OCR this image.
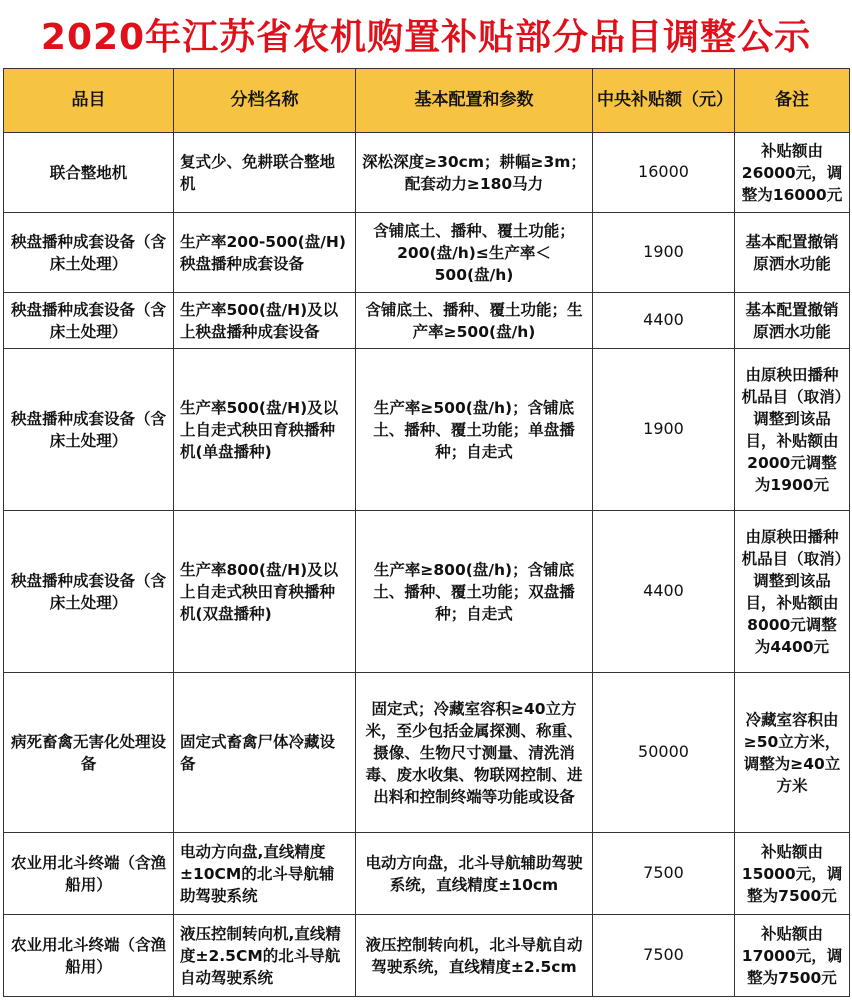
2020年江苏省农机购置补贴部分品目调整公示
品目	分档名称	基本配置和参数	中央补贴额（元）	备注
联合整地机	复式少、免耕联合整地机	深松深度≥30cm；耕幅≥3m；配套动力≥180马力	16000	补贴额由26000元，调整为16000元
秧盘播种成套设备（含床土处理）	生产率200-500(盘/H)秧盘播种成套设备	含铺底土、播种、覆土功能；200(盘/h)≤生产率＜500(盘/h)	1900	基本配置撤销原洒水功能
秧盘播种成套设备（含床土处理）	生产率500(盘/H)及以上秧盘播种成套设备	含铺底土、播种、覆土功能；生产率≥500(盘/h)	4400	基本配置撤销原洒水功能
秧盘播种成套设备（含床土处理）	生产率500(盘/H)及以上自走式秧田育秧播种机(单盘播种)	生产率≥500(盘/h)；含铺底土、播种、覆土功能；单盘播种；自走式	1900	由原秧田播种机品目（取消）调整到该品目，补贴额由2000元调整为1900元
秧盘播种成套设备（含床土处理）	生产率800(盘/H)及以上自走式秧田育秧播种机(双盘播种)	生产率≥800(盘/h)；含铺底土、播种、覆土功能；双盘播种；自走式	4400	由原秧田播种机品目（取消）调整到该品目，补贴额由8000元调整为4400元
病死畜禽无害化处理设备	固定式畜禽尸体冷藏设备	固定式；冷藏室容积≥40立方米，至少包括金属探测、称重、摄像、生物尺寸测量、清洗消毒、废水收集、物联网控制、进出料和控制终端等功能或设备	50000	冷藏室容积由≥50立方米，调整为≥40立方米
农业用北斗终端（含渔船用）	电动方向盘,直线精度±10CM的北斗导航辅助驾驶系统	电动方向盘，北斗导航辅助驾驶系统，直线精度±10cm	7500	补贴额由15000元，调整为7500元
农业用北斗终端（含渔船用）	液压控制转向机,直线精度±2.5CM的北斗导航自动驾驶系统	液压控制转向机，北斗导航自动驾驶系统，直线精度±2.5cm	7500	补贴额由17000元，调整为7500元
